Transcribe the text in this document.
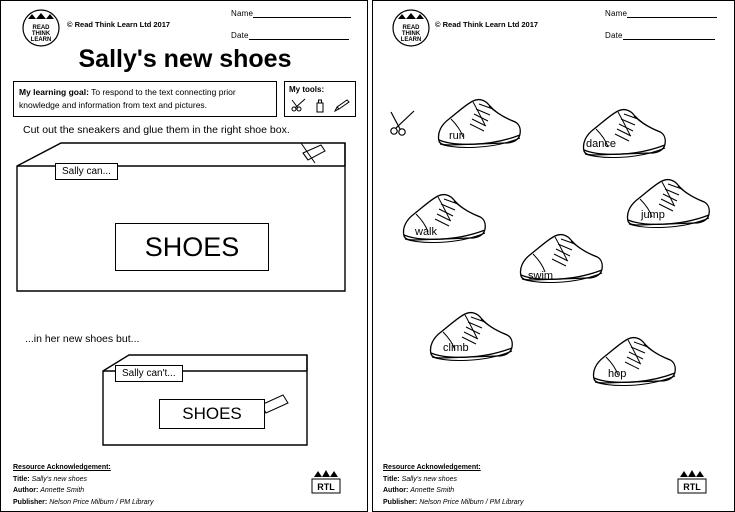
READ
THINK
LEARN
© Read Think Learn Ltd 2017
Name
Date
Sally's new shoes
My learning goal: To respond to the text connecting prior knowledge and information from text and pictures.
My tools:
Cut out the sneakers and glue them in the right shoe box.
Sally can...
SHOES
...in her new shoes but...
Sally can't...
SHOES
Resource Acknowledgement:
Title: Sally's new shoes
Author: Annette Smith
Publisher: Nelson Price Milburn / PM Library
RTL
READ
THINK
LEARN
© Read Think Learn Ltd 2017
Name
Date
Resource Acknowledgement:
Title: Sally's new shoes
Author: Annette Smith
Publisher: Nelson Price Milburn / PM Library
RTL
run
dance
walk
jump
swim
climb
hop
